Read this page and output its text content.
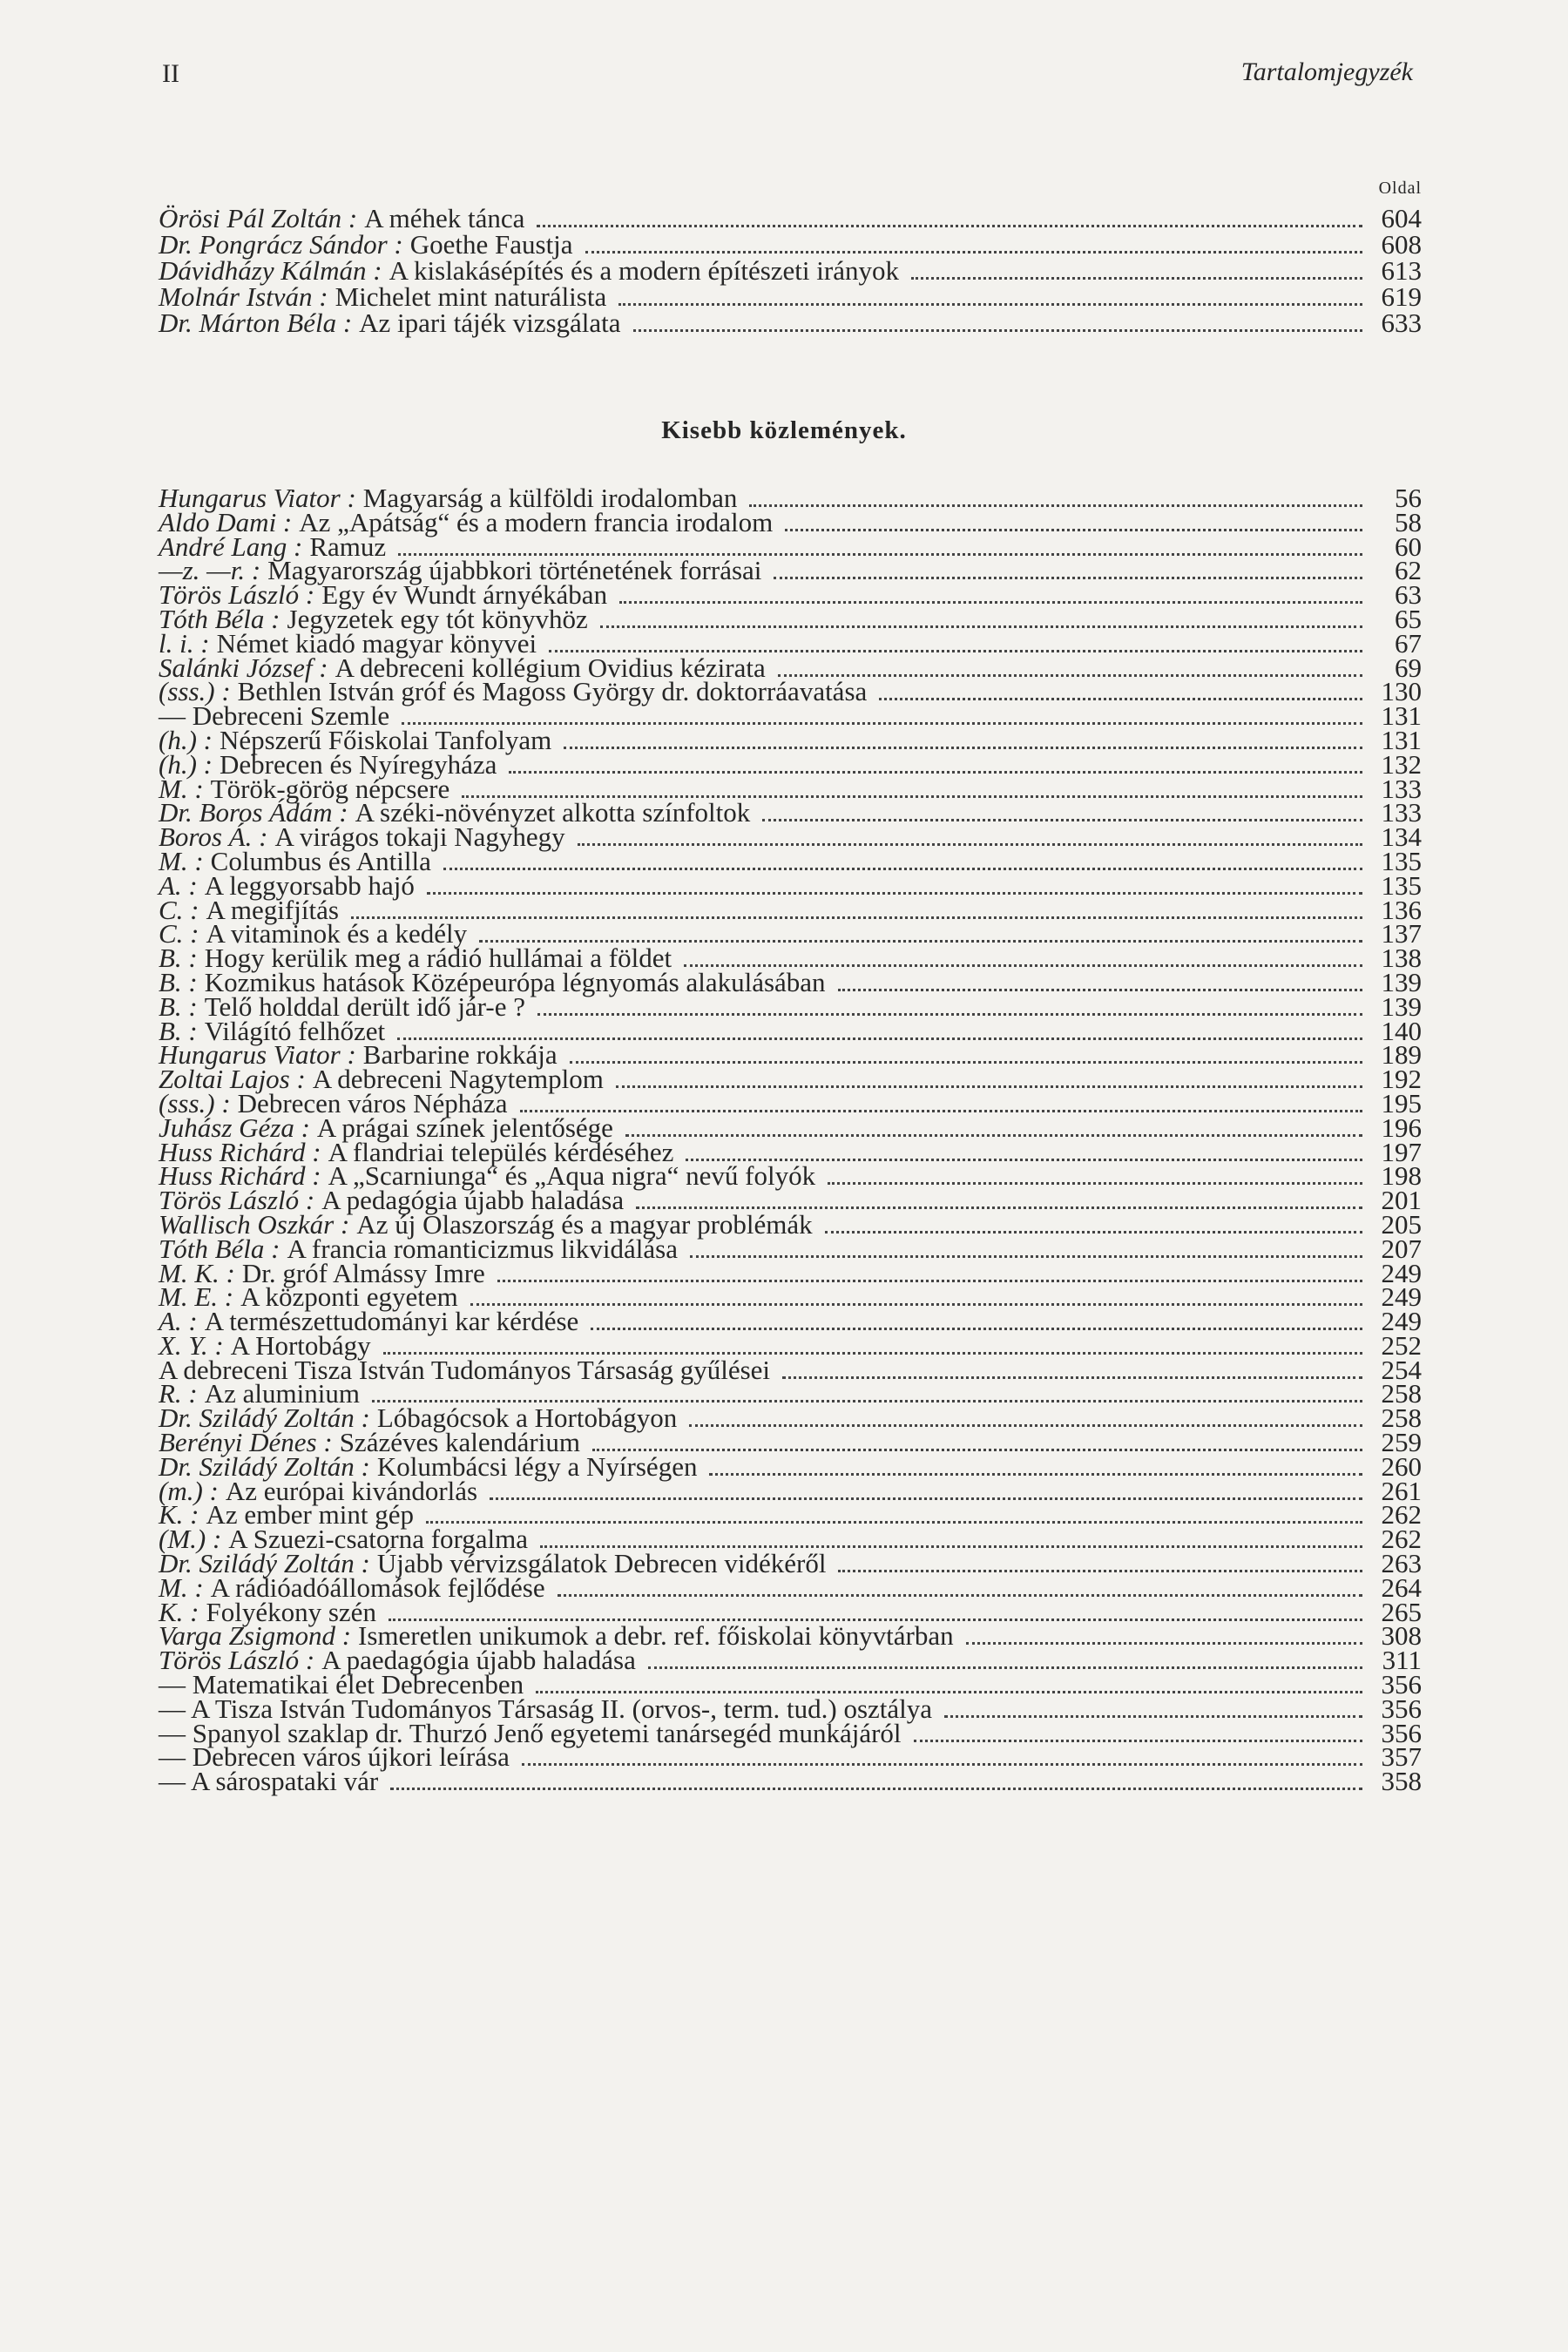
II	Tartalomjegyzék
Oldal
Örösi Pál Zoltán : A méhek tánca	604
Dr. Pongrácz Sándor : Goethe Faustja	608
Dávidházy Kálmán : A kislakásépítés és a modern építészeti irányok	613
Molnár István : Michelet mint naturálista	619
Dr. Márton Béla : Az ipari tájék vizsgálata	633
Kisebb közlemények.
Hungarus Viator : Magyarság a külföldi irodalomban	56
Aldo Dami : Az „Apátság“ és a modern francia irodalom	58
André Lang : Ramuz	60
—z. —r. : Magyarország újabbkori történetének forrásai	62
Törös László : Egy év Wundt árnyékában	63
Tóth Béla : Jegyzetek egy tót könyvhöz	65
l. i. : Német kiadó magyar könyvei	67
Salánki József : A debreceni kollégium Ovidius kézirata	69
(sss.) : Bethlen István gróf és Magoss György dr. doktorráavatása	130
— Debreceni Szemle	131
(h.) : Népszerű Főiskolai Tanfolyam	131
(h.) : Debrecen és Nyíregyháza	132
M. : Török-görög népcsere	133
Dr. Boros Ádám : A széki-növényzet alkotta színfoltok	133
Boros Á. : A virágos tokaji Nagyhegy	134
M. : Columbus és Antilla	135
A. : A leggyorsabb hajó	135
C. : A megifjítás	136
C. : A vitaminok és a kedély	137
B. : Hogy kerülik meg a rádió hullámai a földet	138
B. : Kozmikus hatások Középeurópa légnyomás alakulásában	139
B. : Telő holddal derült idő jár-e ?	139
B. : Világító felhőzet	140
Hungarus Viator : Barbarine rokkája	189
Zoltai Lajos : A debreceni Nagytemplom	192
(sss.) : Debrecen város Népháza	195
Juhász Géza : A prágai színek jelentősége	196
Huss Richárd : A flandriai település kérdéséhez	197
Huss Richárd : A „Scarniunga“ és „Aqua nigra“ nevű folyók	198
Törös László : A pedagógia újabb haladása	201
Wallisch Oszkár : Az új Olaszország és a magyar problémák	205
Tóth Béla : A francia romanticizmus likvidálása	207
M. K. : Dr. gróf Almássy Imre	249
M. E. : A központi egyetem	249
A. : A természettudományi kar kérdése	249
X. Y. : A Hortobágy	252
A debreceni Tisza István Tudományos Társaság gyűlései	254
R. : Az aluminium	258
Dr. Sziládý Zoltán : Lóbagócsok a Hortobágyon	258
Berényi Dénes : Százéves kalendárium	259
Dr. Sziládý Zoltán : Kolumbácsi légy a Nyírségen	260
(m.) : Az európai kivándorlás	261
K. : Az ember mint gép	262
(M.) : A Szuezi-csatorna forgalma	262
Dr. Sziládý Zoltán : Újabb vérvizsgálatok Debrecen vidékéről	263
M. : A rádióadóállomások fejlődése	264
K. : Folyékony szén	265
Varga Zsigmond : Ismeretlen unikumok a debr. ref. főiskolai könyvtárban	308
Törös László : A paedagógia újabb haladása	311
— Matematikai élet Debrecenben	356
— A Tisza István Tudományos Társaság II. (orvos-, term. tud.) osztálya	356
— Spanyol szaklap dr. Thurzó Jenő egyetemi tanársegéd munkájáról	356
— Debrecen város újkori leírása	357
— A sárospataki vár	358
